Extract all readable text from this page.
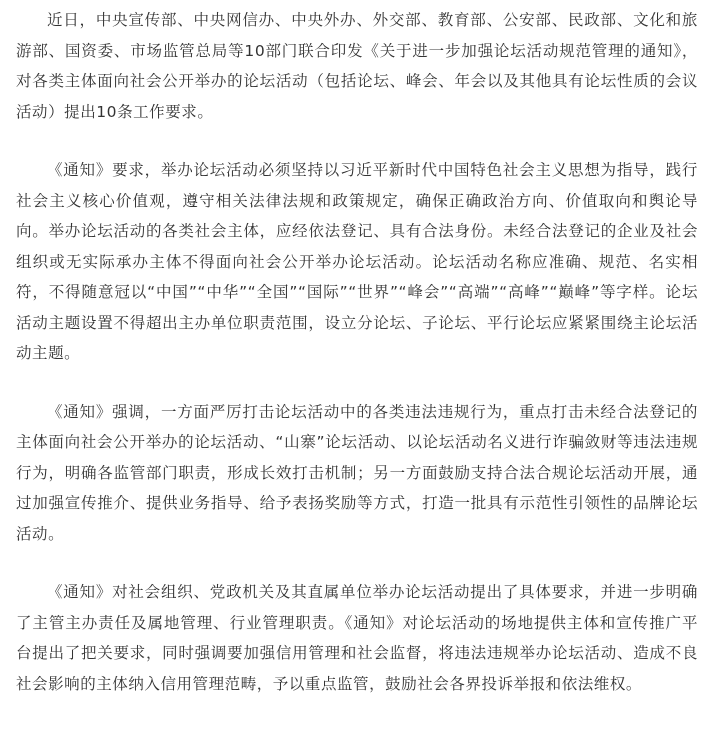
近日，中央宣传部、中央网信办、中央外办、外交部、教育部、公安部、民政部、文化和旅游部、国资委、市场监管总局等10部门联合印发《关于进一步加强论坛活动规范管理的通知》，对各类主体面向社会公开举办的论坛活动（包括论坛、峰会、年会以及其他具有论坛性质的会议活动）提出10条工作要求。

《通知》要求，举办论坛活动必须坚持以习近平新时代中国特色社会主义思想为指导，践行社会主义核心价值观，遵守相关法律法规和政策规定，确保正确政治方向、价值取向和舆论导向。举办论坛活动的各类社会主体，应经依法登记、具有合法身份。未经合法登记的企业及社会组织或无实际承办主体不得面向社会公开举办论坛活动。论坛活动名称应准确、规范、名实相符，不得随意冠以“中国”“中华”“全国”“国际”“世界”“峰会”“高端”“高峰”“巅峰”等字样。论坛活动主题设置不得超出主办单位职责范围，设立分论坛、子论坛、平行论坛应紧紧围绕主论坛活动主题。

《通知》强调，一方面严厉打击论坛活动中的各类违法违规行为，重点打击未经合法登记的主体面向社会公开举办的论坛活动、“山寨”论坛活动、以论坛活动名义进行诈骗敛财等违法违规行为，明确各监管部门职责，形成长效打击机制；另一方面鼓励支持合法合规论坛活动开展，通过加强宣传推介、提供业务指导、给予表扬奖励等方式，打造一批具有示范性引领性的品牌论坛活动。

《通知》对社会组织、党政机关及其直属单位举办论坛活动提出了具体要求，并进一步明确了主管主办责任及属地管理、行业管理职责。《通知》对论坛活动的场地提供主体和宣传推广平台提出了把关要求，同时强调要加强信用管理和社会监督，将违法违规举办论坛活动、造成不良社会影响的主体纳入信用管理范畴，予以重点监管，鼓励社会各界投诉举报和依法维权。
